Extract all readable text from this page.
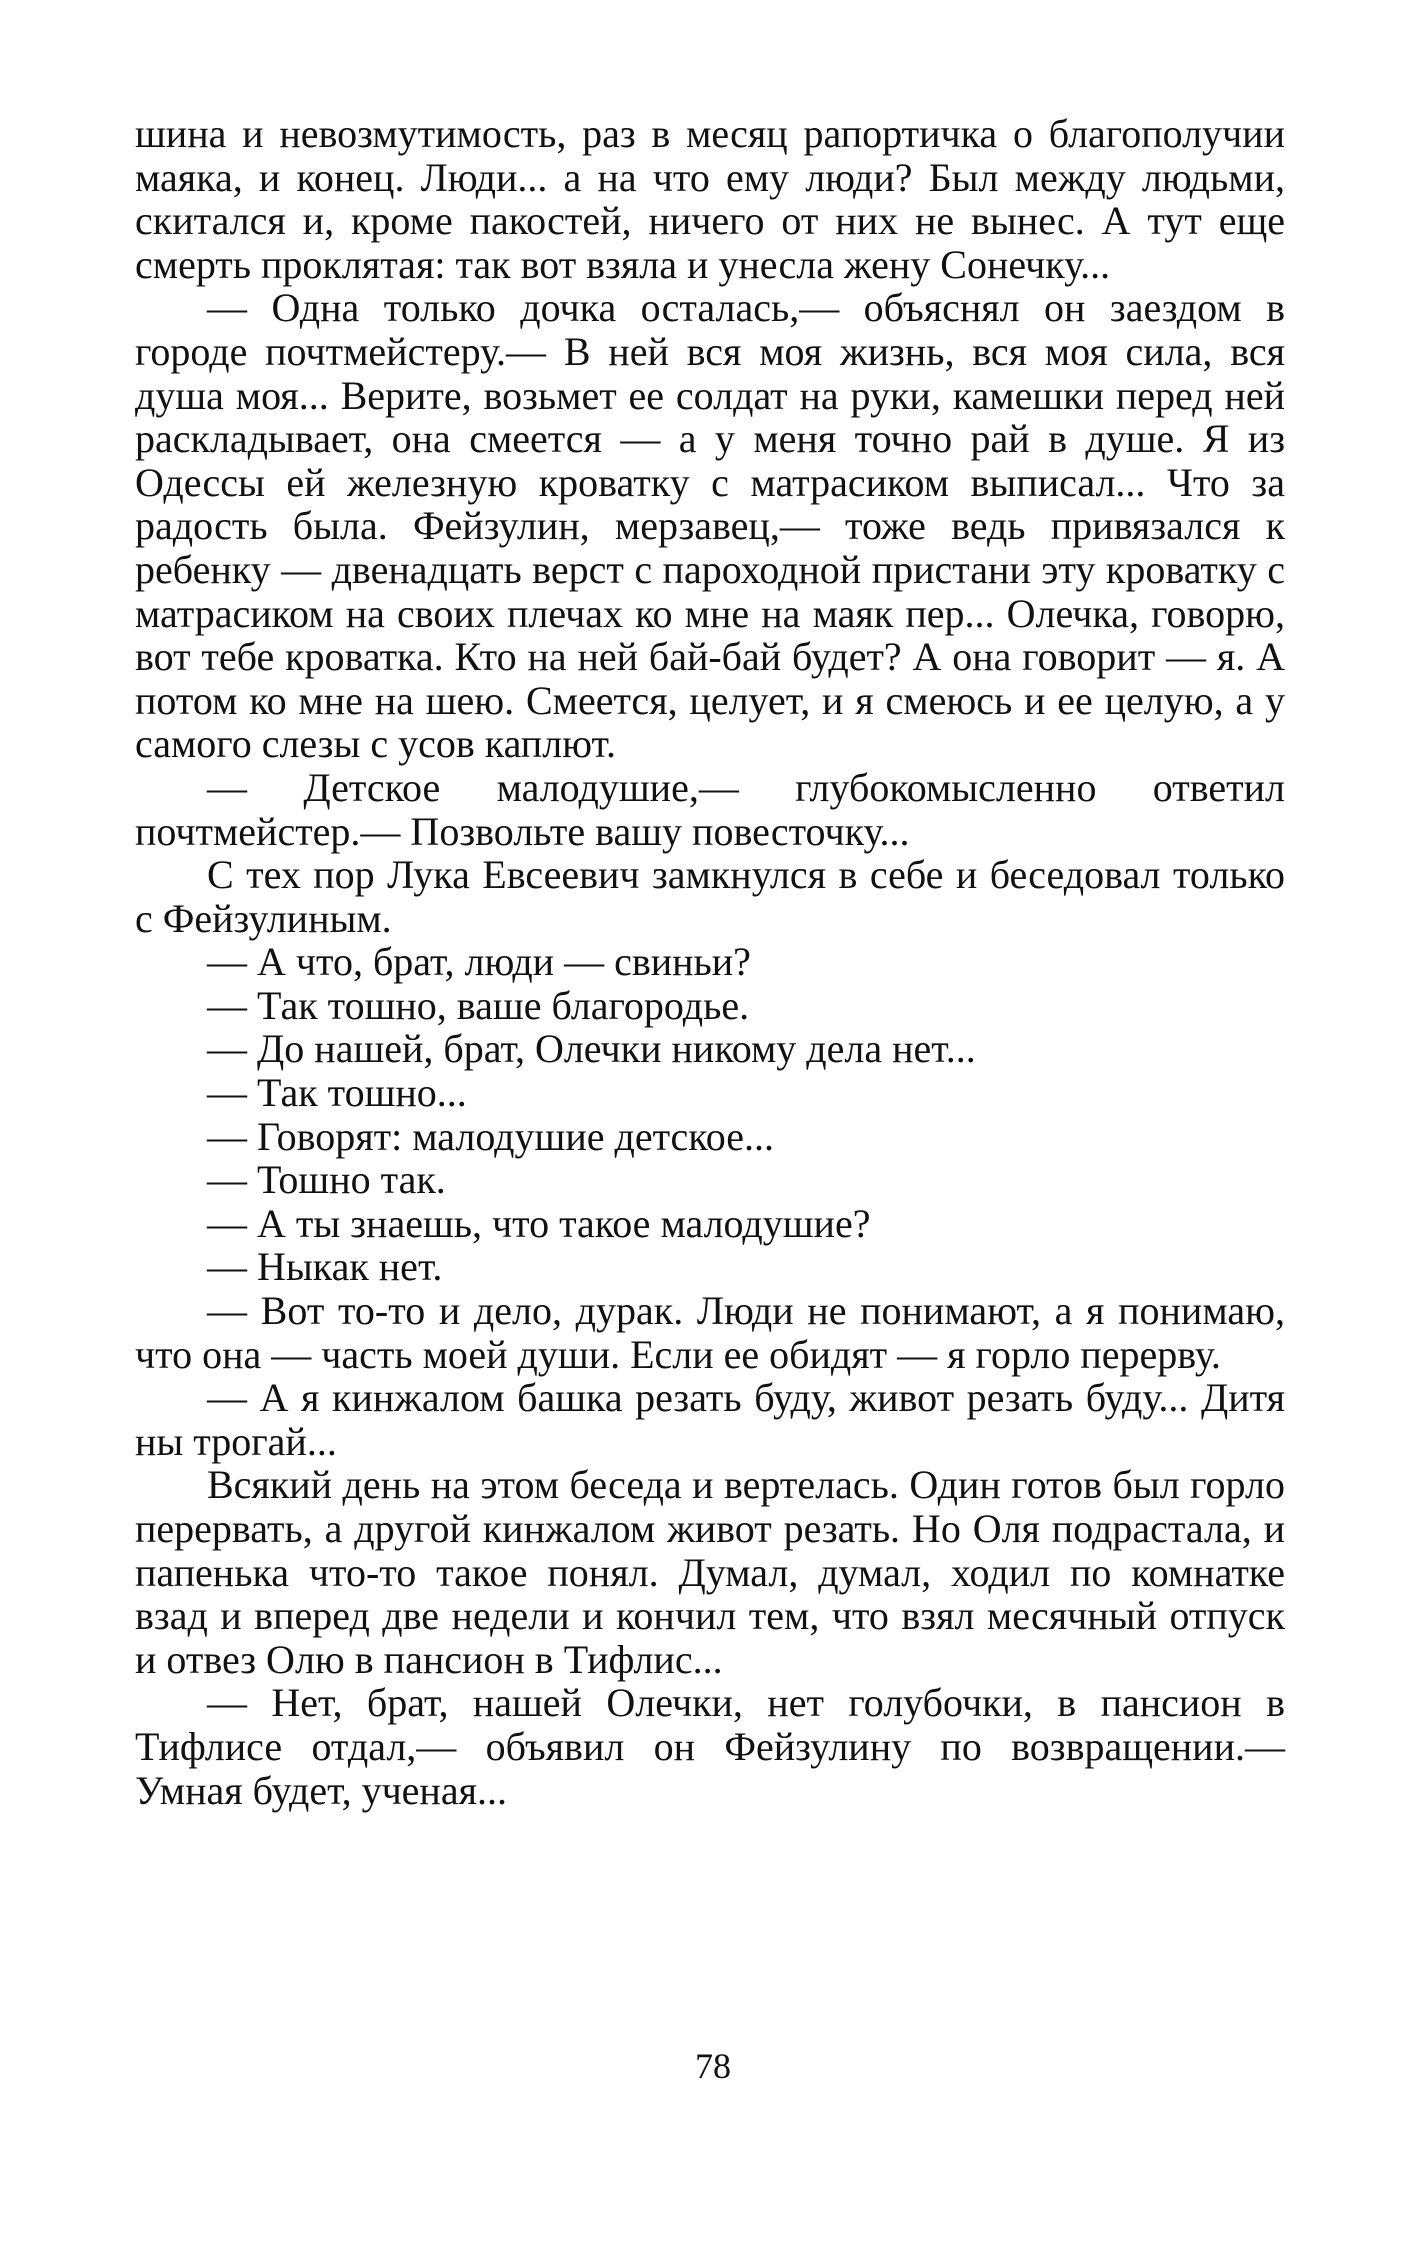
шина и невозмутимость, раз в месяц рапортичка о благополучии маяка, и конец. Люди... а на что ему люди? Был между людьми, скитался и, кроме пакостей, ничего от них не вынес. А тут еще смерть проклятая: так вот взяла и унесла жену Сонечку...

— Одна только дочка осталась,— объяснял он заездом в городе почтмейстеру.— В ней вся моя жизнь, вся моя сила, вся душа моя... Верите, возьмет ее солдат на руки, камешки перед ней раскладывает, она смеется — а у меня точно рай в душе. Я из Одессы ей железную кроватку с матрасиком выписал... Что за радость была. Фейзулин, мерзавец,— тоже ведь привязался к ребенку — двенадцать верст с пароходной пристани эту кроватку с матрасиком на своих плечах ко мне на маяк пер... Олечка, говорю, вот тебе кроватка. Кто на ней бай-бай будет? А она говорит — я. А потом ко мне на шею. Смеется, целует, и я смеюсь и ее целую, а у самого слезы с усов каплют.

— Детское малодушие,— глубокомысленно ответил почтмейстер.— Позвольте вашу повесточку...

С тех пор Лука Евсеевич замкнулся в себе и беседовал только с Фейзулиным.

— А что, брат, люди — свиньи?

— Так тошно, ваше благородье.

— До нашей, брат, Олечки никому дела нет...

— Так тошно...

— Говорят: малодушие детское...

— Тошно так.

— А ты знаешь, что такое малодушие?

— Ныкак нет.

— Вот то-то и дело, дурак. Люди не понимают, а я понимаю, что она — часть моей души. Если ее обидят — я горло перерву.

— А я кинжалом башка резать буду, живот резать буду... Дитя ны трогай...

Всякий день на этом беседа и вертелась. Один готов был горло перервать, а другой кинжалом живот резать. Но Оля подрастала, и папенька что-то такое понял. Думал, думал, ходил по комнатке взад и вперед две недели и кончил тем, что взял месячный отпуск и отвез Олю в пансион в Тифлис...

— Нет, брат, нашей Олечки, нет голубочки, в пансион в Тифлисе отдал,— объявил он Фейзулину по возвращении.— Умная будет, ученая...

78
